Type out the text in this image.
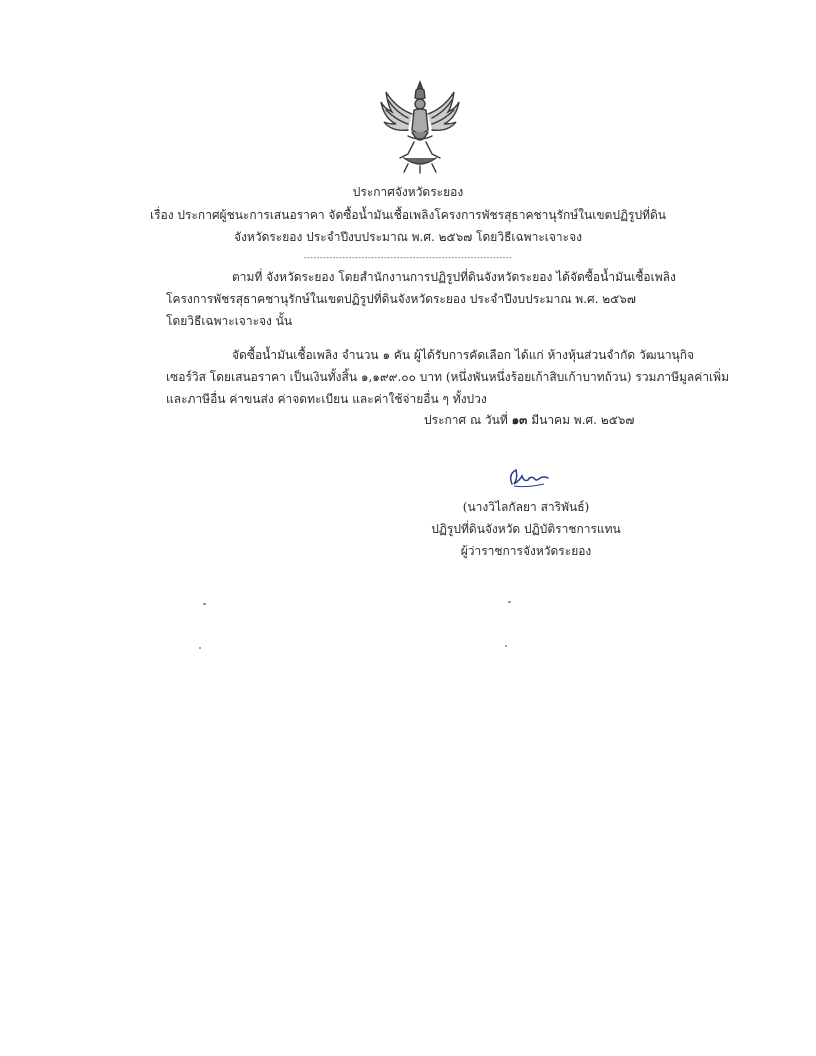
ประกาศจังหวัดระยอง
เรื่อง ประกาศผู้ชนะการเสนอราคา จัดซื้อน้ำมันเชื้อเพลิงโครงการพัชรสุธาคชานุรักษ์ในเขตปฏิรูปที่ดิน
จังหวัดระยอง ประจำปีงบประมาณ พ.ศ. ๒๕๖๗ โดยวิธีเฉพาะเจาะจง
-----------------------------------------------------------------
ตามที่ จังหวัดระยอง โดยสำนักงานการปฏิรูปที่ดินจังหวัดระยอง ได้จัดซื้อน้ำมันเชื้อเพลิง
โครงการพัชรสุธาคชานุรักษ์ในเขตปฏิรูปที่ดินจังหวัดระยอง ประจำปีงบประมาณ พ.ศ. ๒๕๖๗
โดยวิธีเฉพาะเจาะจง นั้น
จัดซื้อน้ำมันเชื้อเพลิง จำนวน ๑ คัน ผู้ได้รับการคัดเลือก ได้แก่ ห้างหุ้นส่วนจำกัด วัฒนานุกิจ
เซอร์วิส โดยเสนอราคา เป็นเงินทั้งสิ้น ๑,๑๙๙.๐๐ บาท (หนึ่งพันหนึ่งร้อยเก้าสิบเก้าบาทถ้วน) รวมภาษีมูลค่าเพิ่ม
และภาษีอื่น ค่าขนส่ง ค่าจดทะเบียน และค่าใช้จ่ายอื่น ๆ ทั้งปวง
ประกาศ ณ วันที่ ๑๓ มีนาคม พ.ศ. ๒๕๖๗
(นางวิไลกัลยา สาริพันธ์)
ปฏิรูปที่ดินจังหวัด ปฏิบัติราชการแทน
ผู้ว่าราชการจังหวัดระยอง
